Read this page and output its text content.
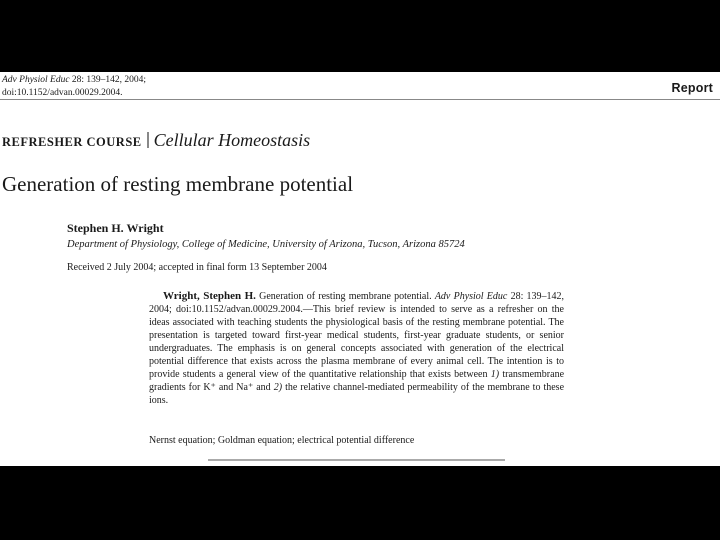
Adv Physiol Educ 28: 139–142, 2004;
doi:10.1152/advan.00029.2004.	Report
REFRESHER COURSE Cellular Homeostasis
Generation of resting membrane potential
Stephen H. Wright
Department of Physiology, College of Medicine, University of Arizona, Tucson, Arizona 85724
Received 2 July 2004; accepted in final form 13 September 2004
Wright, Stephen H. Generation of resting membrane potential. Adv Physiol Educ 28: 139–142, 2004; doi:10.1152/advan.00029.2004.—This brief review is intended to serve as a refresher on the ideas associated with teaching students the physiological basis of the resting membrane potential. The presentation is targeted toward first-year medical students, first-year graduate students, or senior undergraduates. The emphasis is on general concepts associated with generation of the electrical potential difference that exists across the plasma membrane of every animal cell. The intention is to provide students a general view of the quantitative relationship that exists between 1) transmembrane gradients for K⁺ and Na⁺ and 2) the relative channel-mediated permeability of the membrane to these ions.
Nernst equation; Goldman equation; electrical potential difference
